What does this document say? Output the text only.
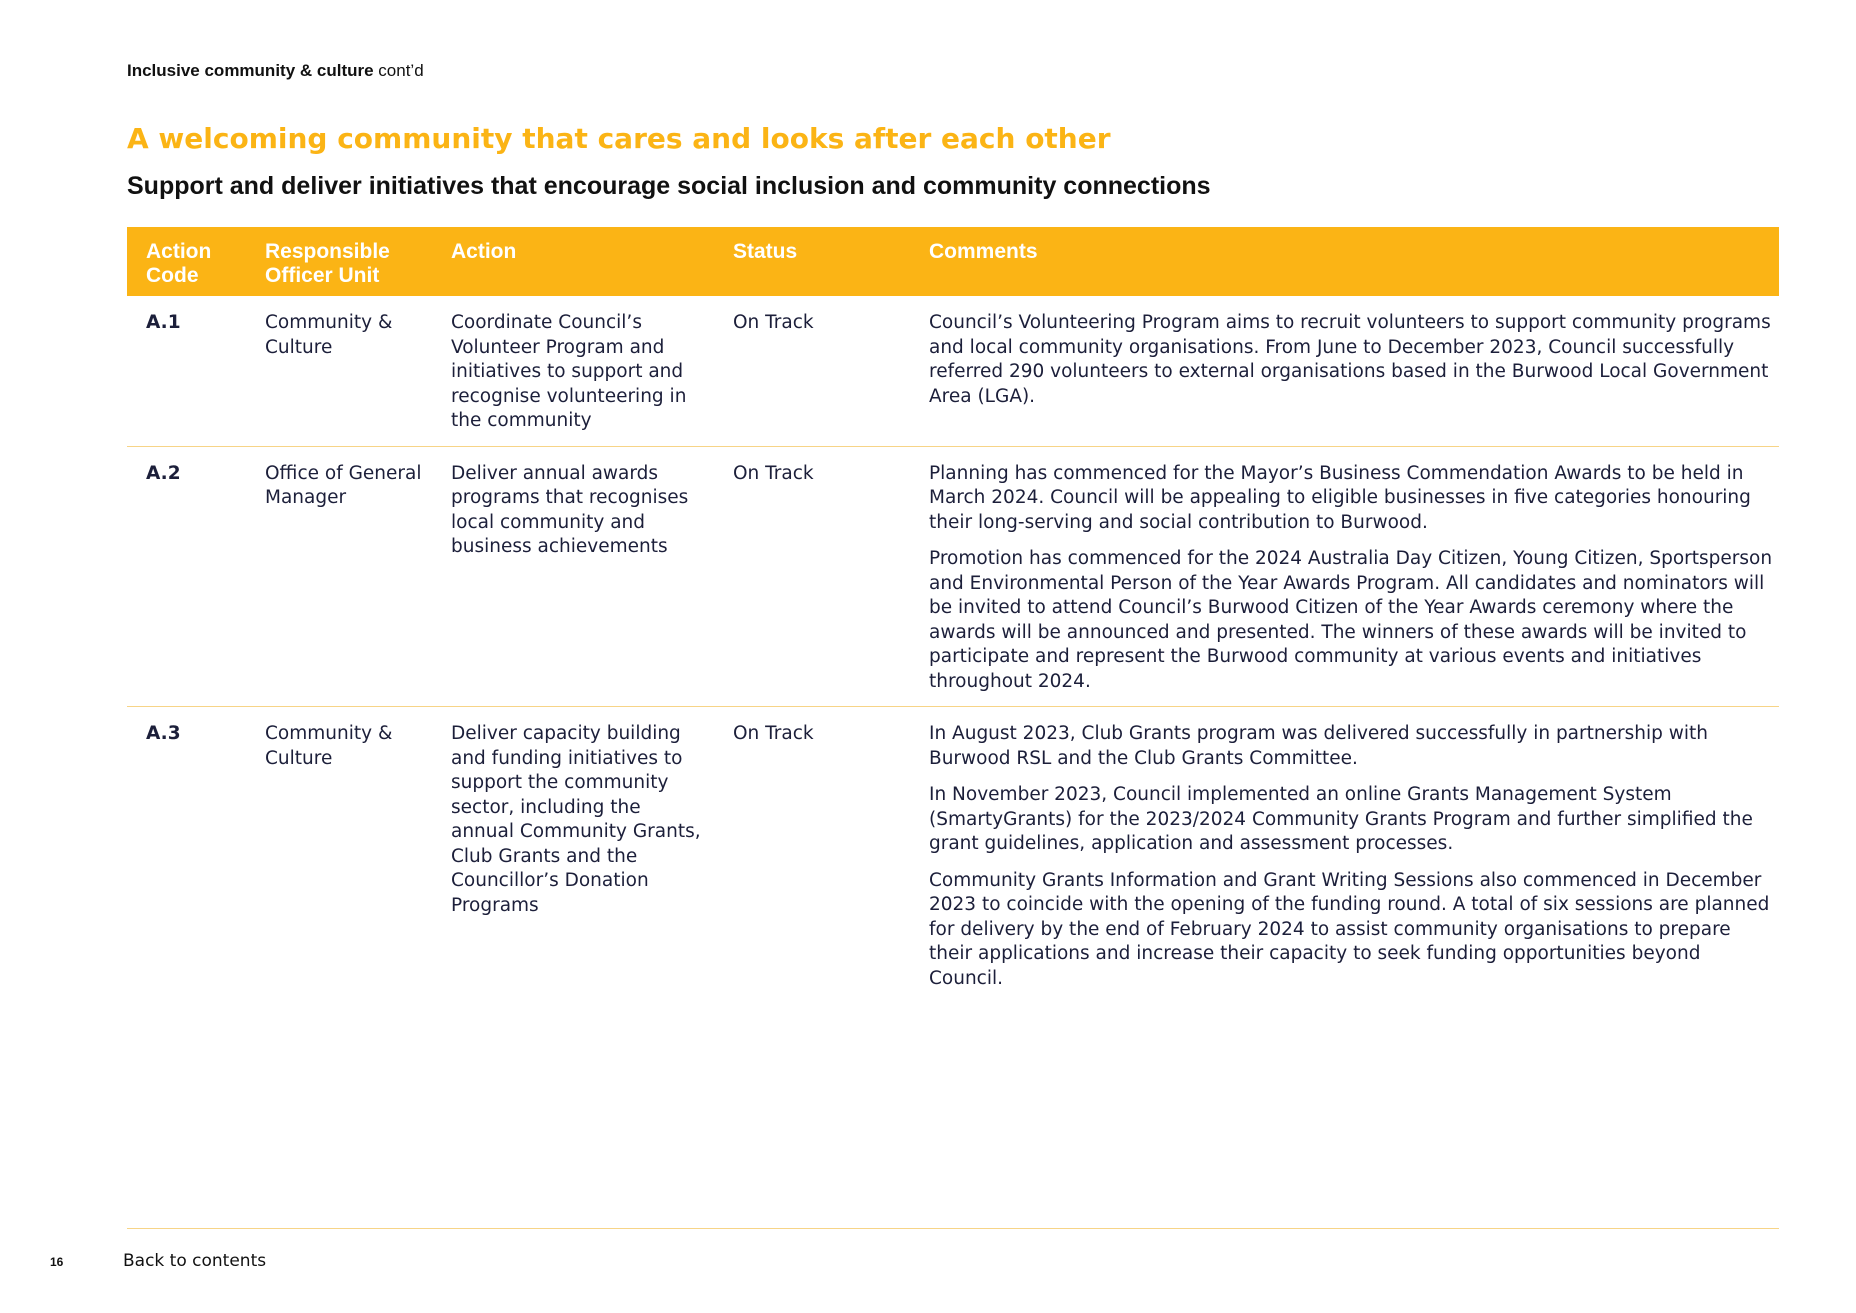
Inclusive community & culture cont’d
A welcoming community that cares and looks after each other
Support and deliver initiatives that encourage social inclusion and community connections
Action Code	Responsible Officer Unit	Action	Status	Comments
A.1	Community & Culture	Coordinate Council’s Volunteer Program and initiatives to support and recognise volunteering in the community	On Track	Council’s Volunteering Program aims to recruit volunteers to support community programs and local community organisations. From June to December 2023, Council successfully referred 290 volunteers to external organisations based in the Burwood Local Government Area (LGA).

A.2	Office of General Manager	Deliver annual awards programs that recognises local community and business achievements	On Track	Planning has commenced for the Mayor’s Business Commendation Awards to be held in March 2024. Council will be appealing to eligible businesses in five categories honouring their long-serving and social contribution to Burwood.

Promotion has commenced for the 2024 Australia Day Citizen, Young Citizen, Sportsperson and Environmental Person of the Year Awards Program. All candidates and nominators will be invited to attend Council’s Burwood Citizen of the Year Awards ceremony where the awards will be announced and presented. The winners of these awards will be invited to participate and represent the Burwood community at various events and initiatives throughout 2024.

A.3	Community & Culture	Deliver capacity building and funding initiatives to support the community sector, including the annual Community Grants, Club Grants and the Councillor’s Donation Programs	On Track	In August 2023, Club Grants program was delivered successfully in partnership with Burwood RSL and the Club Grants Committee.

In November 2023, Council implemented an online Grants Management System (SmartyGrants) for the 2023/2024 Community Grants Program and further simplified the grant guidelines, application and assessment processes.

Community Grants Information and Grant Writing Sessions also commenced in December 2023 to coincide with the opening of the funding round. A total of six sessions are planned for delivery by the end of February 2024 to assist community organisations to prepare their applications and increase their capacity to seek funding opportunities beyond Council.

16	Back to contents
